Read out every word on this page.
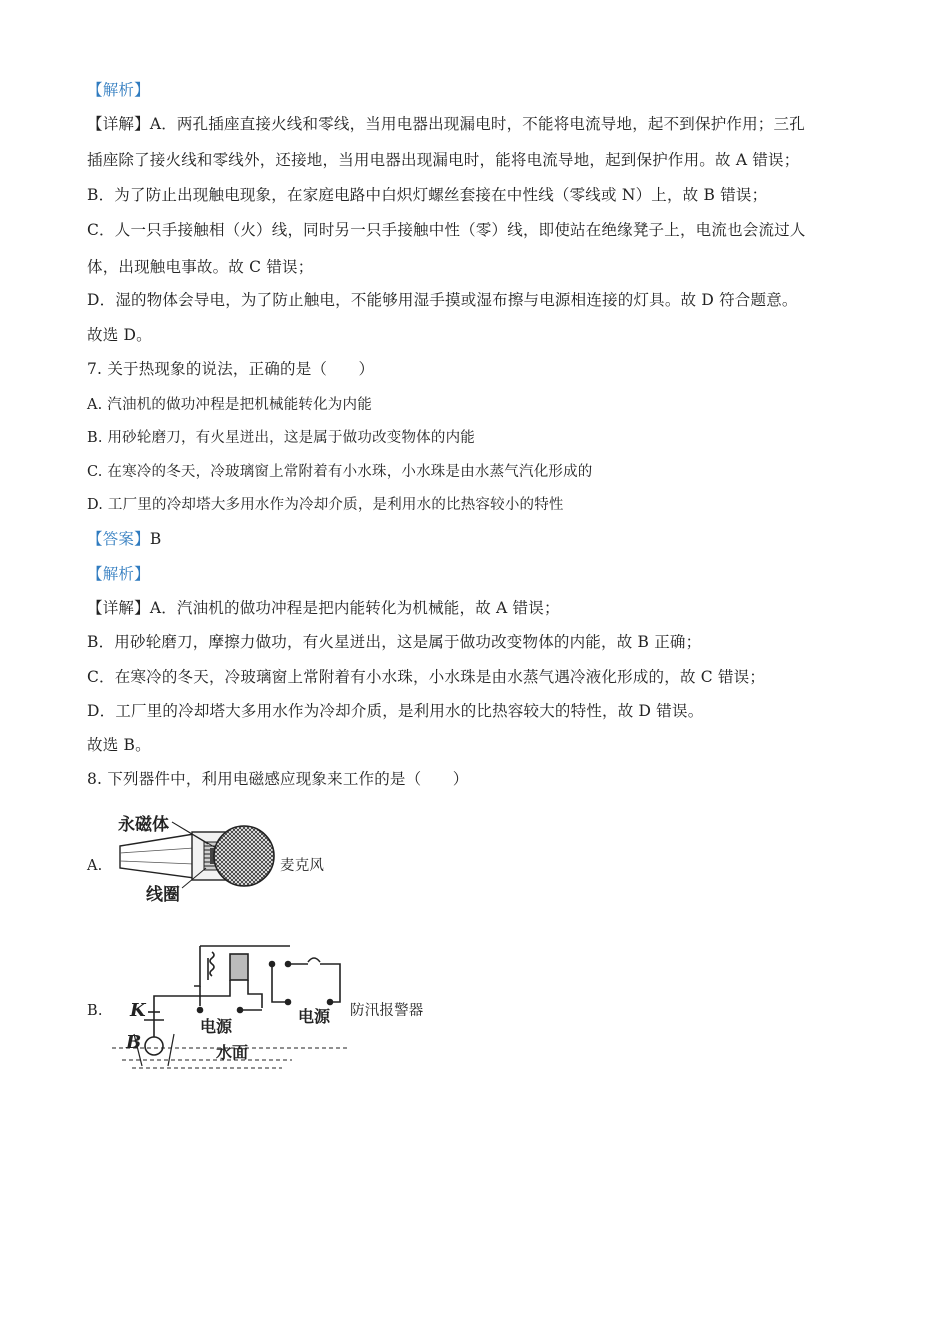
【解析】
【详解】A．两孔插座直接火线和零线，当用电器出现漏电时，不能将电流导地，起不到保护作用；三孔
插座除了接火线和零线外，还接地，当用电器出现漏电时，能将电流导地，起到保护作用。故 A 错误；
B．为了防止出现触电现象，在家庭电路中白炽灯螺丝套接在中性线（零线或 N）上，故 B 错误；
C．人一只手接触相（火）线，同时另一只手接触中性（零）线，即使站在绝缘凳子上，电流也会流过人
体，出现触电事故。故 C 错误；
D．湿的物体会导电，为了防止触电，不能够用湿手摸或湿布擦与电源相连接的灯具。故 D 符合题意。
故选 D。
7. 关于热现象的说法，正确的是（　　）
A. 汽油机的做功冲程是把机械能转化为内能
B. 用砂轮磨刀，有火星迸出，这是属于做功改变物体的内能
C. 在寒冷的冬天，冷玻璃窗上常附着有小水珠，小水珠是由水蒸气汽化形成的
D. 工厂里的冷却塔大多用水作为冷却介质，是利用水的比热容较小的特性
【答案】B
【解析】
【详解】A．汽油机的做功冲程是把内能转化为机械能，故 A 错误；
B．用砂轮磨刀，摩擦力做功，有火星迸出，这是属于做功改变物体的内能，故 B 正确；
C．在寒冷的冬天，冷玻璃窗上常附着有小水珠，小水珠是由水蒸气遇冷液化形成的，故 C 错误；
D．工厂里的冷却塔大多用水作为冷却介质，是利用水的比热容较大的特性，故 D 错误。
故选 B。
8. 下列器件中，利用电磁感应现象来工作的是（　　）
A.
永磁体
线圈
麦克风
B. K
B
电源
电源
水面
防汛报警器
